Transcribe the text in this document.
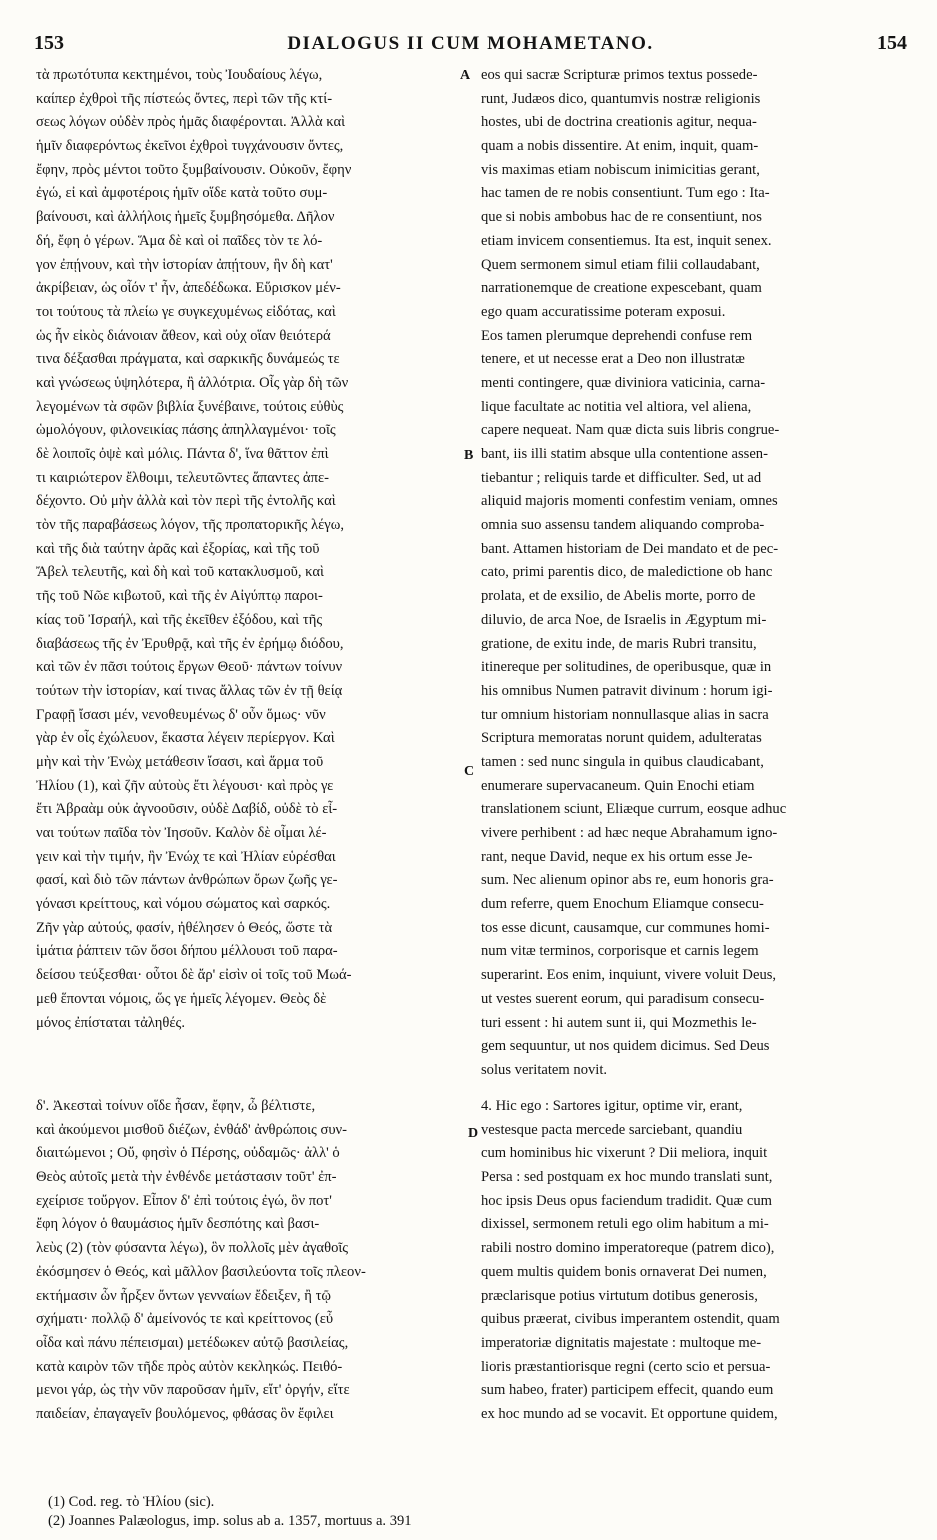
153	DIALOGUS II CUM MOHAMETANO.	154
τὰ πρωτότυπα κεκτημένοι, τοὺς Ἰουδαίους λέγω,
καίπερ ἐχθροὶ τῆς πίστεώς ὄντες, περὶ τῶν τῆς κτί-
σεως λόγων οὐδὲν πρὸς ἡμᾶς διαφέρονται. Ἀλλὰ καὶ
ἡμῖν διαφερόντως ἐκεῖνοι ἐχθροὶ τυγχάνουσιν ὄντες,
ἔφην, πρὸς μέντοι τοῦτο ξυμβαίνουσιν. Οὐκοῦν, ἔφην
ἐγώ, εἰ καὶ ἀμφοτέροις ἡμῖν οἵδε κατὰ τοῦτο συμ-
βαίνουσι, καὶ ἀλλήλοις ἡμεῖς ξυμβησόμεθα. Δῆλον
δή, ἔφη ὁ γέρων. Ἅμα δὲ καὶ οἱ παῖδες τὸν τε λό-
γον ἐπῄνουν, καὶ τὴν ἱστορίαν ἀπῄτουν, ἣν δὴ κατ'
ἀκρίβειαν, ὡς οἷόν τ' ἦν, ἀπεδέδωκα. Εὕρισκον μέν-
τοι τούτους τὰ πλείω γε συγκεχυμένως εἰδότας, καὶ
ὡς ἦν εἰκὸς διάνοιαν ἄθεον, καὶ οὐχ οἵαν θειότερά
τινα δέξασθαι πράγματα, καὶ σαρκικῆς δυνάμεώς τε
καὶ γνώσεως ὑψηλότερα, ἢ ἀλλότρια. Οἷς γὰρ δὴ τῶν
λεγομένων τὰ σφῶν βιβλία ξυνέβαινε, τούτοις εὐθὺς
ὡμολόγουν, φιλονεικίας πάσης ἀπηλλαγμένοι· τοῖς
δὲ λοιποῖς ὀψὲ καὶ μόλις. Πάντα δ', ἵνα θᾶττον ἐπὶ
τι καιριώτερον ἔλθοιμι, τελευτῶντες ἅπαντες ἀπε-
δέχοντο. Οὐ μὴν ἀλλὰ καὶ τὸν περὶ τῆς ἐντολῆς καὶ
τὸν τῆς παραβάσεως λόγον, τῆς προπατορικῆς λέγω,
καὶ τῆς διὰ ταύτην ἀρᾶς καὶ ἐξορίας, καὶ τῆς τοῦ
Ἄβελ τελευτῆς, καὶ δὴ καὶ τοῦ κατακλυσμοῦ, καὶ
τῆς τοῦ Νῶε κιβωτοῦ, καὶ τῆς ἐν Αἰγύπτῳ παροι-
κίας τοῦ Ἰσραήλ, καὶ τῆς ἐκεῖθεν ἐξόδου, καὶ τῆς
διαβάσεως τῆς ἐν Ἐρυθρᾷ, καὶ τῆς ἐν ἐρήμῳ διόδου,
καὶ τῶν ἐν πᾶσι τούτοις ἔργων Θεοῦ· πάντων τοίνυν
τούτων τὴν ἱστορίαν, καί τινας ἄλλας τῶν ἐν τῇ θείᾳ
Γραφῇ ἴσασι μέν, νενοθευμένως δ' οὖν ὅμως· νῦν
γὰρ ἐν οἷς ἐχώλευον, ἕκαστα λέγειν περίεργον. Καὶ
μὴν καὶ τὴν Ἐνὼχ μετάθεσιν ἴσασι, καὶ ἅρμα τοῦ
Ἠλίου (1), καὶ ζῆν αὐτοὺς ἔτι λέγουσι· καὶ πρὸς γε
ἔτι Ἀβραὰμ οὐκ ἀγνοοῦσιν, οὐδὲ Δαβίδ, οὐδὲ τὸ εἶ-
ναι τούτων παῖδα τὸν Ἰησοῦν. Καλὸν δὲ οἶμαι λέ-
γειν καὶ τὴν τιμήν, ἣν Ἐνώχ τε καὶ Ἠλίαν εὑρέσθαι
φασί, καὶ διὸ τῶν πάντων ἀνθρώπων ὅρων ζωῆς γε-
γόνασι κρείττους, καὶ νόμου σώματος καὶ σαρκός.
Ζῆν γὰρ αὐτούς, φασίν, ἠθέλησεν ὁ Θεός, ὥστε τὰ
ἱμάτια ῥάπτειν τῶν ὅσοι δήπου μέλλουσι τοῦ παρα-
δείσου τεύξεσθαι· οὗτοι δὲ ἄρ' εἰσὶν οἱ τοῖς τοῦ Μωά-
μεθ ἕπονται νόμοις, ὥς γε ἡμεῖς λέγομεν. Θεὸς δὲ
μόνος ἐπίσταται τἀληθές.
eos qui sacræ Scripturæ primos textus possede-
runt, Judæos dico, quantumvis nostræ religionis
hostes, ubi de doctrina creationis agitur, nequa-
quam a nobis dissentire. At enim, inquit, quam-
vis maximas etiam nobiscum inimicitias gerant,
hac tamen de re nobis consentiunt. Tum ego : Ita-
que si nobis ambobus hac de re consentiunt, nos
etiam invicem consentiemus. Ita est, inquit senex.
Quem sermonem simul etiam filii collaudabant,
narrationemque de creatione expescebant, quam
ego quam accuratissime poteram exposui.
Eos tamen plerumque deprehendi confuse rem
tenere, et ut necesse erat a Deo non illustratæ
menti contingere, quæ diviniora vaticinia, carna-
lique facultate ac notitia vel altiora, vel aliena,
capere nequeat. Nam quæ dicta suis libris congrue-
bant, iis illi statim absque ulla contentione assen-
tiebantur ; reliquis tarde et difficulter. Sed, ut ad
aliquid majoris momenti confestim veniam, omnes
omnia suo assensu tandem aliquando comproba-
bant. Attamen historiam de Dei mandato et de pec-
cato, primi parentis dico, de maledictione ob hanc
prolata, et de exsilio, de Abelis morte, porro de
diluvio, de arca Noe, de Israelis in Ægyptum mi-
gratione, de exitu inde, de maris Rubri transitu,
itinereque per solitudines, de operibusque, quæ in
his omnibus Numen patravit divinum : horum igi-
tur omnium historiam nonnullasque alias in sacra
Scriptura memoratas norunt quidem, adulteratas
tamen : sed nunc singula in quibus claudicabant,
enumerare supervacaneum. Quin Enochi etiam
translationem sciunt, Eliæque currum, eosque adhuc
vivere perhibent : ad hæc neque Abrahamum igno-
rant, neque David, neque ex his ortum esse Je-
sum. Nec alienum opinor abs re, eum honoris gra-
dum referre, quem Enochum Eliamque consecu-
tos esse dicunt, causamque, cur communes homi-
num vitæ terminos, corporisque et carnis legem
superarint. Eos enim, inquiunt, vivere voluit Deus,
ut vestes suerent eorum, qui paradisum consecu-
turi essent : hi autem sunt ii, qui Mozmethis le-
gem sequuntur, ut nos quidem dicimus. Sed Deus
solus veritatem novit.
δ'. Ἀκεσταὶ τοίνυν οἵδε ἦσαν, ἔφην, ὦ βέλτιστε,
καὶ ἀκούμενοι μισθοῦ διέζων, ἐνθάδ' ἀνθρώποις συν-
διαιτώμενοι ; Οὔ, φησὶν ὁ Πέρσης, οὐδαμῶς· ἀλλ' ὁ
Θεὸς αὐτοῖς μετὰ τὴν ἐνθένδε μετάστασιν τοῦτ' ἐπ-
εχείρισε τοὔργον. Εἶπον δ' ἐπὶ τούτοις ἐγώ, ὃν ποτ'
ἔφη λόγον ὁ θαυμάσιος ἡμῖν δεσπότης καὶ βασι-
λεὺς (2) (τὸν φύσαντα λέγω), ὃν πολλοῖς μὲν ἀγαθοῖς
ἐκόσμησεν ὁ Θεός, καὶ μᾶλλον βασιλεύοντα τοῖς πλεον-
εκτήμασιν ὧν ἦρξεν ὄντων γενναίων ἔδειξεν, ἢ τῷ
σχήματι· πολλῷ δ' ἀμείνονός τε καὶ κρείττονος (εὖ
οἶδα καὶ πάνυ πέπεισμαι) μετέδωκεν αὐτῷ βασιλείας,
κατὰ καιρὸν τῶν τῆδε πρὸς αὐτὸν κεκληκώς. Πειθό-
μενοι γάρ, ὡς τὴν νῦν παροῦσαν ἡμῖν, εἴτ' ὀργήν, εἴτε
παιδείαν, ἐπαγαγεῖν βουλόμενος, φθάσας ὃν ἔφιλει
4. Hic ego : Sartores igitur, optime vir, erant,
vestesque pacta mercede sarciebant, quandiu
cum hominibus hic vixerunt ? Dii meliora, inquit
Persa : sed postquam ex hoc mundo translati sunt,
hoc ipsis Deus opus faciendum tradidit. Quæ cum
dixissel, sermonem retuli ego olim habitum a mi-
rabili nostro domino imperatoreque (patrem dico),
quem multis quidem bonis ornaverat Dei numen,
præclarisque potius virtutum dotibus generosis,
quibus præerat, civibus imperantem ostendit, quam
imperatoriæ dignitatis majestate : multoque me-
lioris præstantiorisque regni (certo scio et persua-
sum habeo, frater) participem effecit, quando eum
ex hoc mundo ad se vocavit. Et opportune quidem,
A
B
C
D
(1) Cod. reg. τὸ Ἡλίου (sic).
(2) Joannes Palæologus, imp. solus ab a. 1357, mortuus a. 391
